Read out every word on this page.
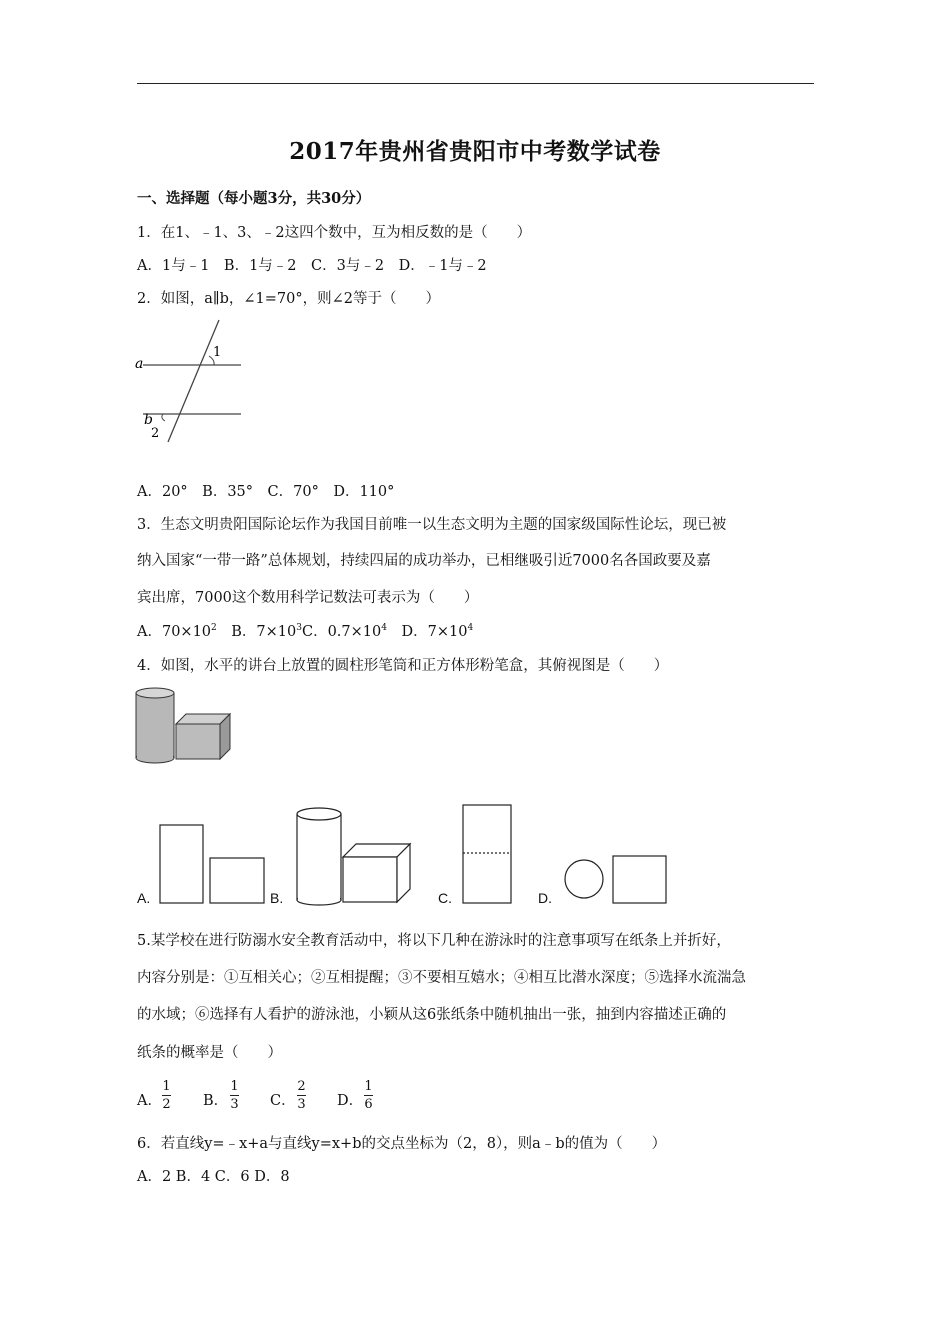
2017年贵州省贵阳市中考数学试卷
一、选择题（每小题3分，共30分）
1．在1、﹣1、3、﹣2这四个数中，互为相反数的是（　　）
A．1与﹣1　B．1与﹣2　C．3与﹣2　D．﹣1与﹣2
2．如图，a∥b，∠1=70°，则∠2等于（　　）
a
b
1
2
A．20°　B．35°　C．70°　D．110°
3．生态文明贵阳国际论坛作为我国目前唯一以生态文明为主题的国家级国际性论坛，现已被
纳入国家“一带一路”总体规划，持续四届的成功举办，已相继吸引近7000名各国政要及嘉
宾出席，7000这个数用科学记数法可表示为（　　）
A．$70\times 10^2$　B．$7\times 10^3C$．$0.7\times 10^4$　D．$7\times 10^4$
4．如图，水平的讲台上放置的圆柱形笔筒和正方体形粉笔盒，其俯视图是（　　）
A.	B.	C.	D.
5.某学校在进行防溺水安全教育活动中，将以下几种在游泳时的注意事项写在纸条上并折好，
内容分别是：①互相关心；②互相提醒；③不要相互嬉水；④相互比潜水深度；⑤选择水流湍急
的水域；⑥选择有人看护的游泳池，小颖从这6张纸条中随机抽出一张，抽到内容描述正确的
纸条的概率是（　　）
A．
1
2 B．
1
3 C．
2
3 D．
1
6
6．若直线y=﹣x+a与直线y=x+b的交点坐标为（2，8），则a﹣b的值为（　　）
A．2 B．4 C．6 D．8
